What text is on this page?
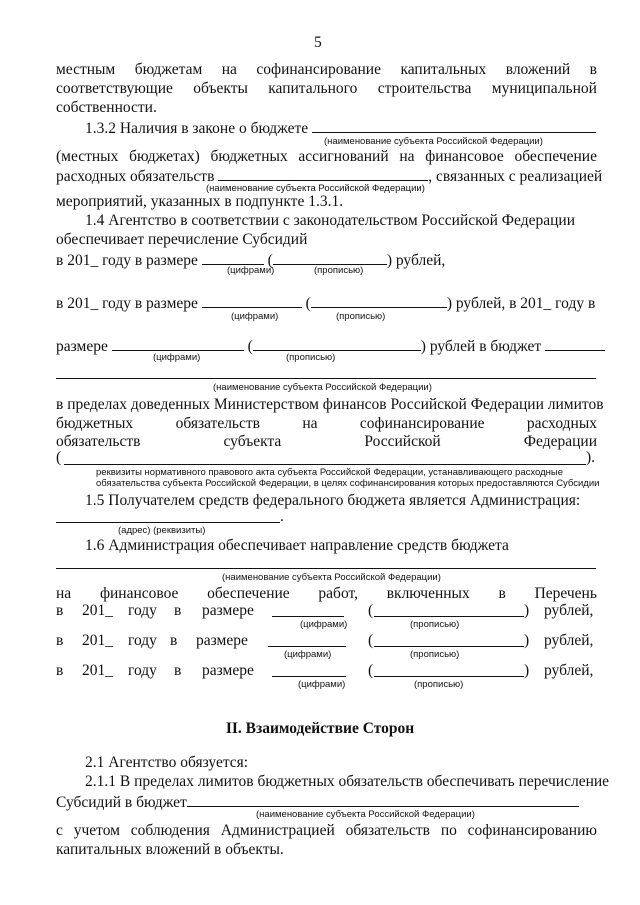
5
местным бюджетам на софинансирование капитальных вложений в
соответствующие объекты капитального строительства муниципальной
собственности.
1.3.2 Наличия в законе о бюджете
(наименование субъекта Российской Федерации)
(местных бюджетах) бюджетных ассигнований на финансовое обеспечение
расходных обязательств	, связанных с реализацией
(наименование субъекта Российской Федерации)
мероприятий, указанных в подпункте 1.3.1.
1.4 Агентство в соответствии с законодательством Российской Федерации
обеспечивает перечисление Субсидий
в 201_ году в размере	(	) рублей,
(цифрами)	(прописью)
в 201_ году в размере	(	) рублей, в 201_ году в
(цифрами)	(прописью)
размере	(	) рублей в бюджет
(цифрами)	(прописью)
(наименование субъекта Российской Федерации)
в пределах доведенных Министерством финансов Российской Федерации лимитов
бюджетных	обязательств	на	софинансирование	расходных
обязательств	субъекта	Российской	Федерации
(	).
реквизиты нормативного правового акта субъекта Российской Федерации, устанавливающего расходные
обязательства субъекта Российской Федерации, в целях софинансирования которых предоставляются Субсидии
1.5 Получателем средств федерального бюджета является Администрация:
.
(адрес) (реквизиты)
1.6 Администрация обеспечивает направление средств бюджета
(наименование субъекта Российской Федерации)
на финансовое обеспечение работ, включенных в Перечень
в 201_ году в размере	(	) рублей,
(цифрами)	(прописью)
в 201_ году в размере	(	) рублей,
(цифрами)	(прописью)
в 201_ году в размере	(	) рублей,
(цифрами)	(прописью)
II. Взаимодействие Сторон
2.1 Агентство обязуется:
2.1.1 В пределах лимитов бюджетных обязательств обеспечивать перечисление
Субсидий в бюджет
(наименование субъекта Российской Федерации)
с учетом соблюдения Администрацией обязательств по софинансированию
капитальных вложений в объекты.
